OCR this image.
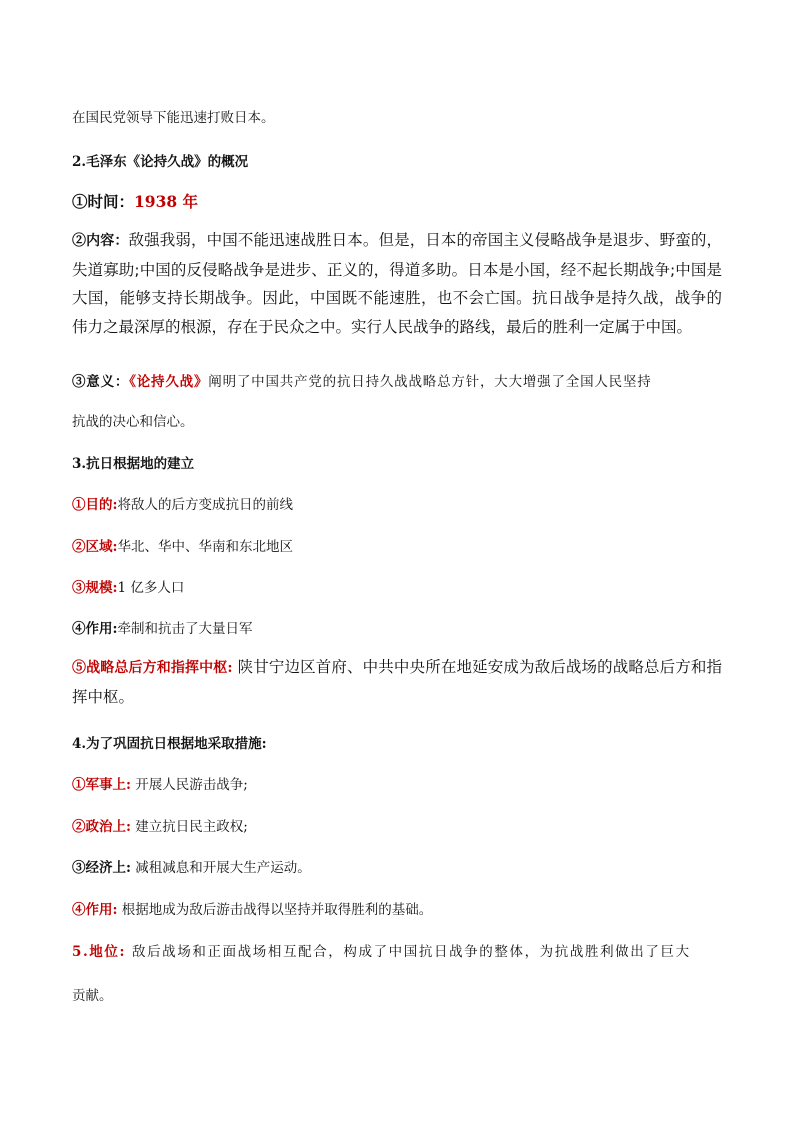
在国民党领导下能迅速打败日本。
2.毛泽东《论持久战》的概况
①时间：1938 年
②内容：敌强我弱，中国不能迅速战胜日本。但是，日本的帝国主义侵略战争是退步、野蛮的，失道寡助;中国的反侵略战争是进步、正义的，得道多助。日本是小国，经不起长期战争;中国是大国，能够支持长期战争。因此，中国既不能速胜，也不会亡国。抗日战争是持久战，战争的伟力之最深厚的根源，存在于民众之中。实行人民战争的路线，最后的胜利一定属于中国。
③意义：《论持久战》阐明了中国共产党的抗日持久战战略总方针，大大增强了全国人民坚持
抗战的决心和信心。
3.抗日根据地的建立
①目的:将敌人的后方变成抗日的前线
②区域:华北、华中、华南和东北地区
③规模:1 亿多人口
④作用:牵制和抗击了大量日军
⑤战略总后方和指挥中枢: 陕甘宁边区首府、中共中央所在地延安成为敌后战场的战略总后方和指挥中枢。
4.为了巩固抗日根据地采取措施:
①军事上: 开展人民游击战争;
②政治上: 建立抗日民主政权;
③经济上: 减租减息和开展大生产运动。
④作用: 根据地成为敌后游击战得以坚持并取得胜利的基础。
5.地位: 敌后战场和正面战场相互配合，构成了中国抗日战争的整体，为抗战胜利做出了巨大
贡献。
